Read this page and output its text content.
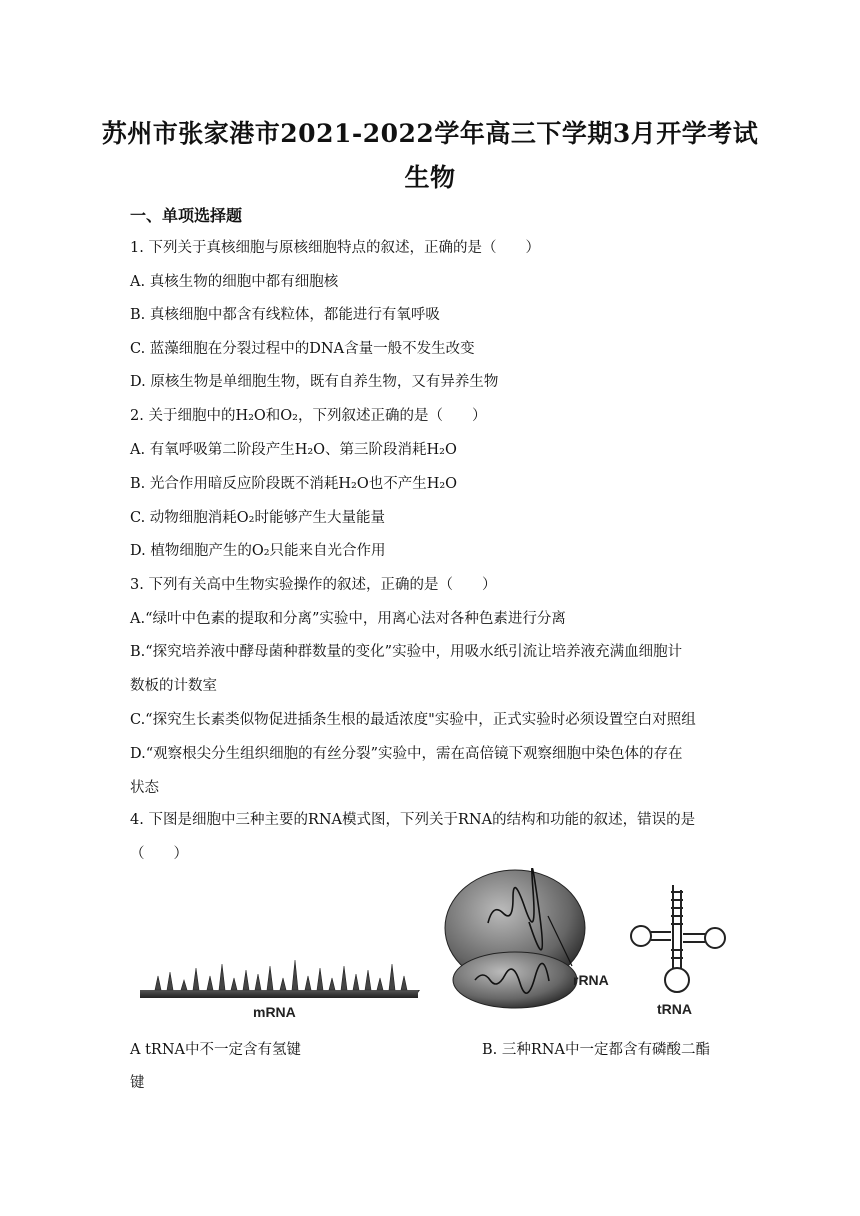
苏州市张家港市2021-2022学年高三下学期3月开学考试
生物
一、单项选择题
1. 下列关于真核细胞与原核细胞特点的叙述，正确的是（　　）
A. 真核生物的细胞中都有细胞核
B. 真核细胞中都含有线粒体，都能进行有氧呼吸
C. 蓝藻细胞在分裂过程中的DNA含量一般不发生改变
D. 原核生物是单细胞生物，既有自养生物，又有异养生物
2. 关于细胞中的H₂O和O₂，下列叙述正确的是（　　）
A. 有氧呼吸第二阶段产生H₂O、第三阶段消耗H₂O
B. 光合作用暗反应阶段既不消耗H₂O也不产生H₂O
C. 动物细胞消耗O₂时能够产生大量能量
D. 植物细胞产生的O₂只能来自光合作用
3. 下列有关高中生物实验操作的叙述，正确的是（　　）
A.“绿叶中色素的提取和分离”实验中，用离心法对各种色素进行分离
B.“探究培养液中酵母菌种群数量的变化”实验中，用吸水纸引流让培养液充满血细胞计
数板的计数室
C.“探究生长素类似物促进插条生根的最适浓度"实验中，正式实验时必须设置空白对照组
D.“观察根尖分生组织细胞的有丝分裂”实验中，需在高倍镜下观察细胞中染色体的存在
状态
4. 下图是细胞中三种主要的RNA模式图，下列关于RNA的结构和功能的叙述，错误的是
（　　）
mRNA
rRNA
tRNA
A tRNA中不一定含有氢键	B. 三种RNA中一定都含有磷酸二酯
键
